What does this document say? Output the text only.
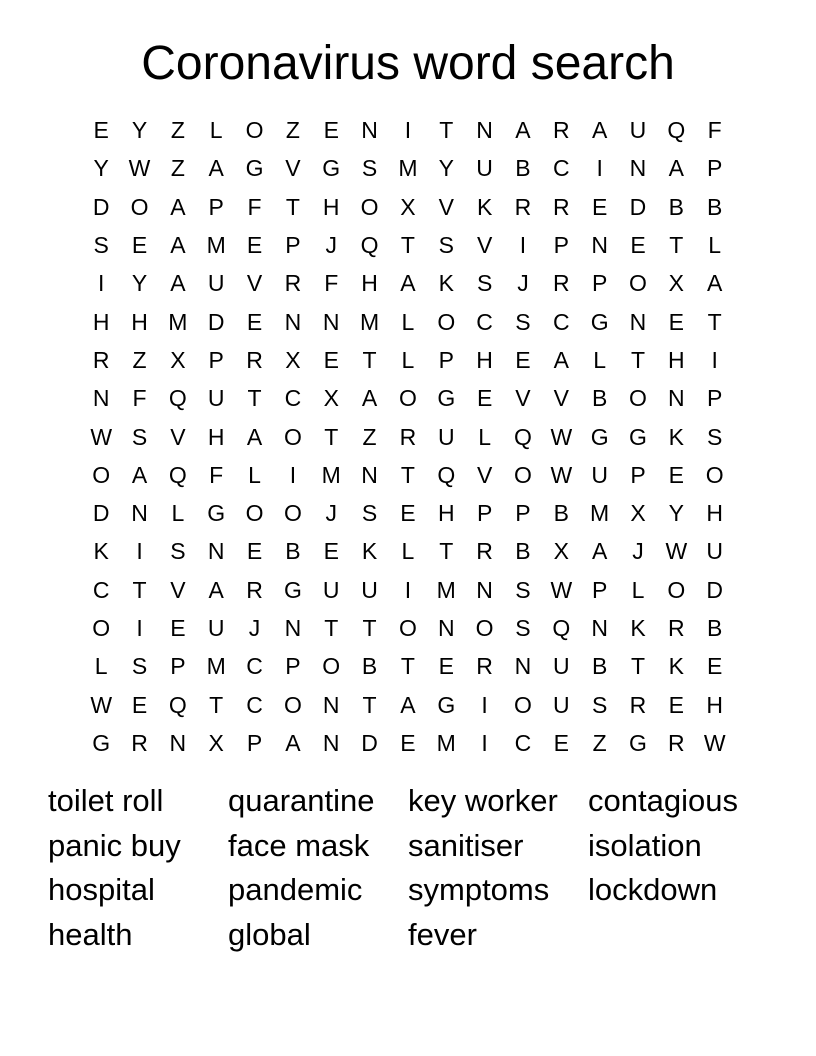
Coronavirus word search
E	Y	Z	L	O Z	E N	I	T	N A R A U Q F
Y W Z	A G V G S M Y U B C	I	N A	P
D O A	P	F	T	H O X	V	K R R E D B	B
S	E	A M E	P	J	Q T	S	V	I	P N E	T	L
I	Y	A U V R	F	H A	K	S	J	R P O X	A
H H M D E N N M L	O C S C G N E	T
R	Z	X	P R X	E	T	L	P H E	A	L	T	H	I
N	F Q U	T	C X	A O G E	V	V	B O N P
W S	V H A O T	Z	R U	L	Q W G G K	S
O A Q F	L	I	M N	T Q V O W U P	E O
D N	L	G O O	J	S	E H P	P	B M X	Y H
K	I	S N E	B	E	K	L	T	R B	X	A	J W U
C	T	V	A R G U U	I	M N S W P	L	O D
O	I	E U	J	N	T	T O N O S Q N K R B
L	S	P M C P O B	T	E R N U B	T	K	E
W E Q T	C O N	T	A G	I	O U S R E H
G R N X	P	A N D E M	I	C E	Z G R W
toilet roll	quarantine	key worker contagious
panic buy	face mask	sanitiser	isolation
hospital	pandemic	symptoms	lockdown
health	global	fever
